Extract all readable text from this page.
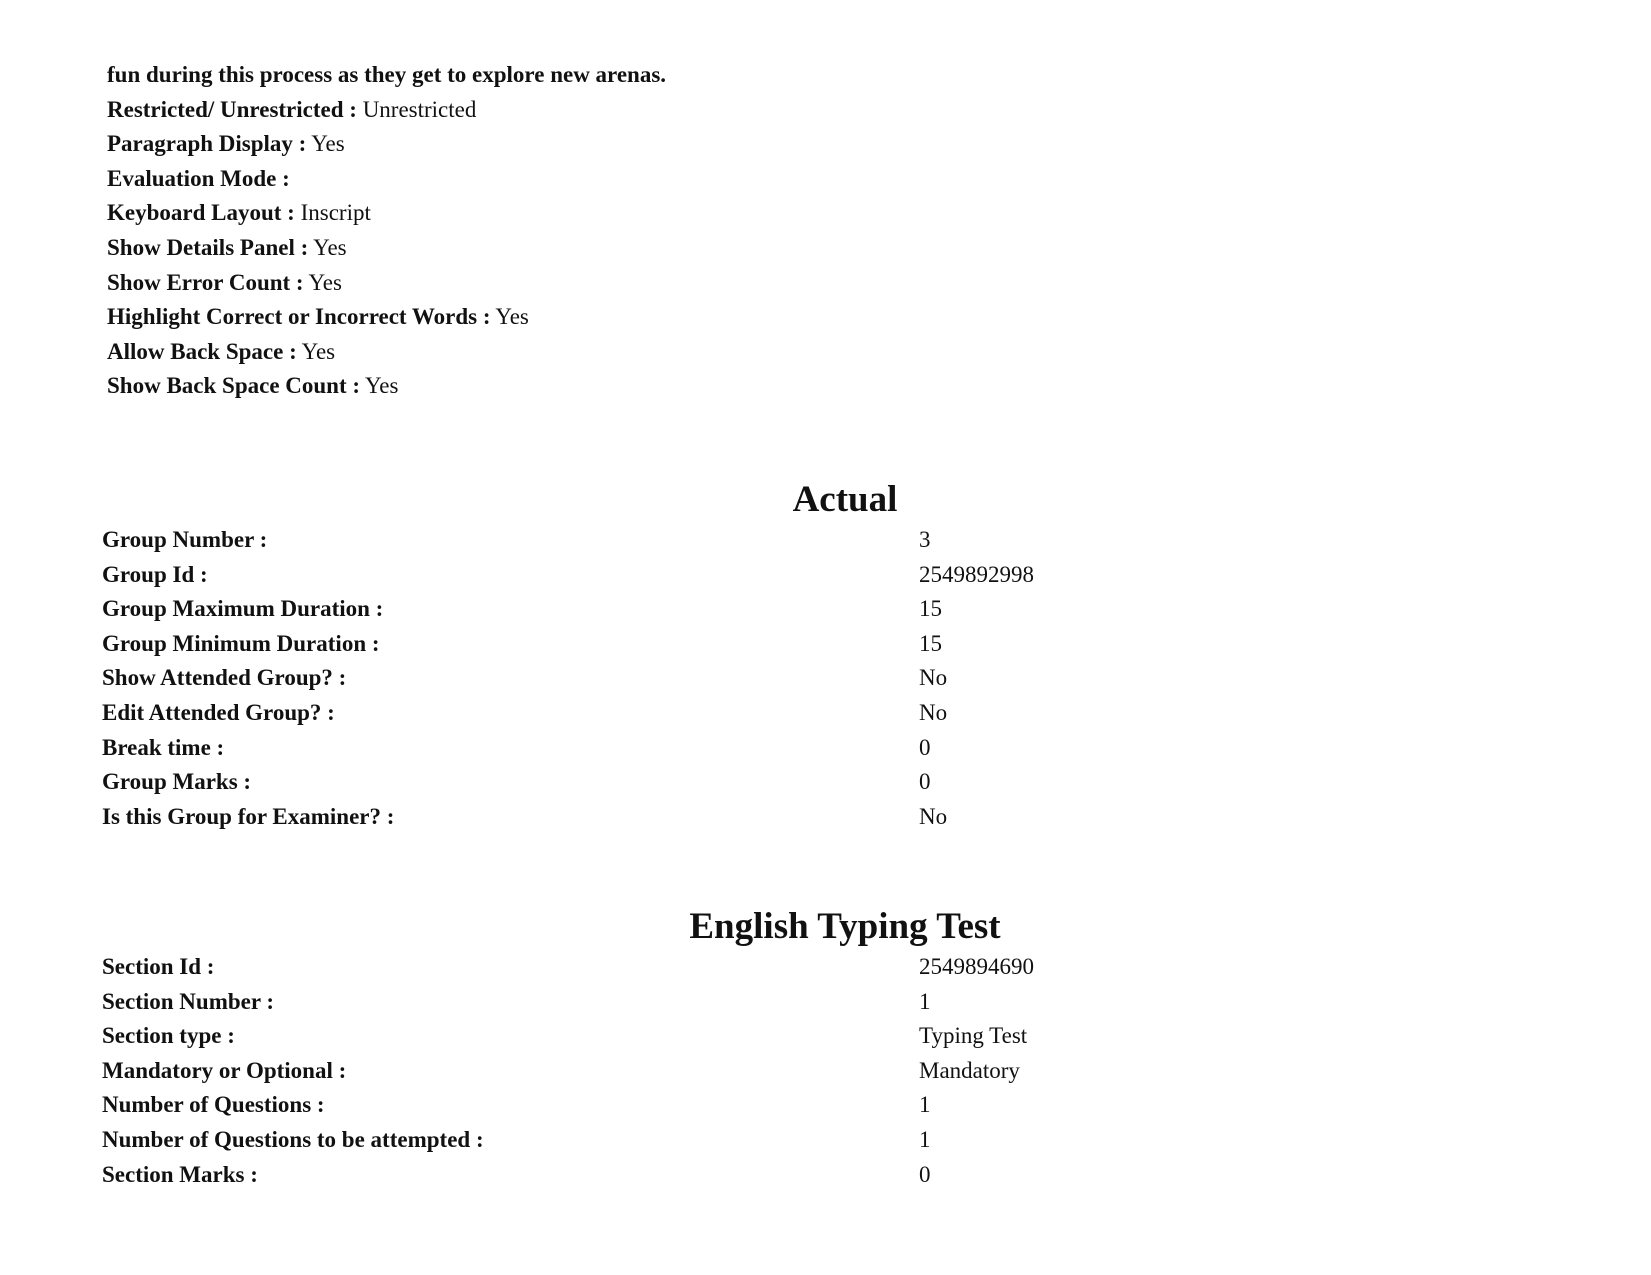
fun during this process as they get to explore new arenas.
Restricted/ Unrestricted : Unrestricted
Paragraph Display : Yes
Evaluation Mode :
Keyboard Layout : Inscript
Show Details Panel : Yes
Show Error Count : Yes
Highlight Correct or Incorrect Words : Yes
Allow Back Space : Yes
Show Back Space Count : Yes
Actual
Group Number :	3
Group Id :	2549892998
Group Maximum Duration :	15
Group Minimum Duration :	15
Show Attended Group? :	No
Edit Attended Group? :	No
Break time :	0
Group Marks :	0
Is this Group for Examiner? :	No
English Typing Test
Section Id :	2549894690
Section Number :	1
Section type :	Typing Test
Mandatory or Optional :	Mandatory
Number of Questions :	1
Number of Questions to be attempted :	1
Section Marks :	0
